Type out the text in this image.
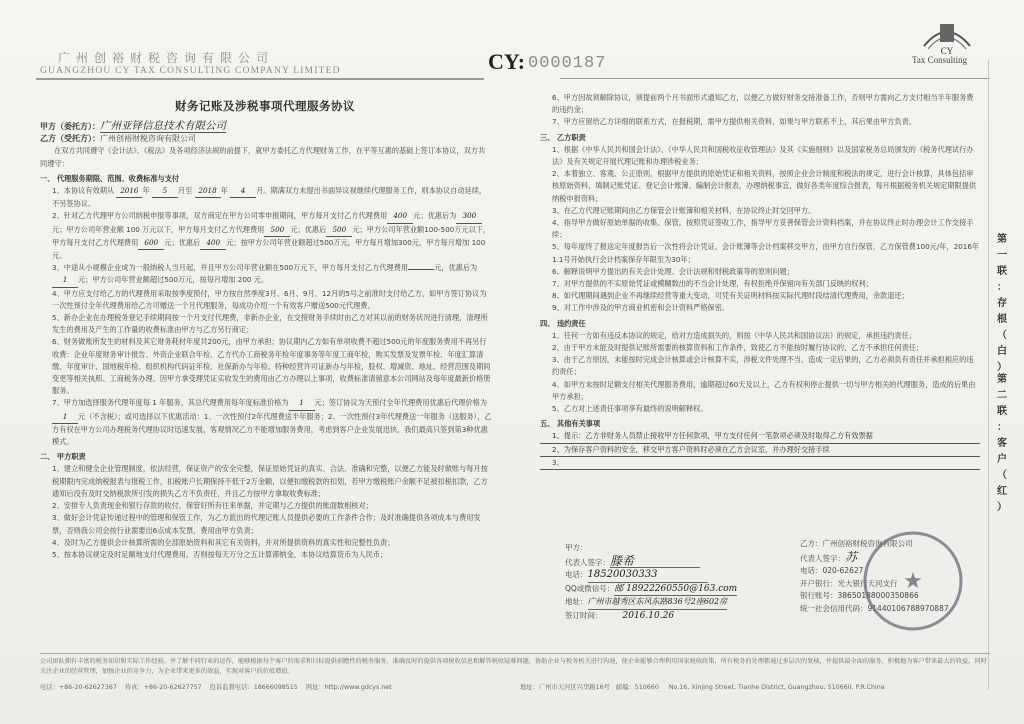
广州创裕财税咨询有限公司
GUANGZHOU CY TAX CONSULTING COMPANY LIMITED	CY: 0000187
CY
Tax Consulting
财务记账及涉税事项代理服务协议

甲方（委托方）：广州亚铎信息技术有限公司

乙方（受托方）：广州创裕财税咨询有限公司

在双方共同遵守《会计法》、《税法》及各项经济法规的前提下，就甲方委托乙方代理财务工作，在平等互惠的基础上签订本协议，双方共同遵守：

一、 代理服务期限、范围、收费标准与支付

1、本协议有效期从 2016 年 5 月至 2018 年 4 月。期满双方未提出书面异议视继续代理服务工作，则本协议自动延续，不另签协议。

2、针对乙方代理甲方公司纳税申报等事项，双方商定在甲方公司零申报期间，甲方每月支付乙方代理费用 400 元；优惠后为 300元；甲方公司年营业额 100 万元以下，甲方每月支付乙方代理费用 500 元；优惠后 500 元；甲方公司年营业额100-500万元以下，甲方每月支付乙方代理费用 600 元；优惠后 400 元；按甲方公司年营业额超过500万元，甲方每月增加300元，甲方每月增加 100 元。

3、中途从小规模企业成为一般纳税人当月起，并且甲方公司年营业额在500万元下，甲方每月支付乙方代理费用	元，优惠后为1 元；甲方公司年营业额超过500万元，按每月增加 200 元。

4、甲方应支付给乙方的代理费用采取按季度预付，甲方按自然季度3月、6月、9月、12月的5号之前准时支付给乙方，如甲方签订协议为一次性预付全年代理费用给乙方可赠送一个月代理服务，每成功介绍一个有效客户赠送500元代理费。

5、新办企业在办理税务登记手续期间按一个月支付代理费，非新办企业，在交接财务手续时由乙方对其以前的财务状况进行清理，清理所发生的费用及产生的工作量的收费标准由甲方与乙方另行商定；

6、财务做账所发生的材料及其它财务耗材年度共200元，由甲方承担；协议期内乙方如有单项收费不超过500元的年度服务费用不再另行收费：企业年度财务审计报告、外资企业联合年检、乙方代办工商税务年检年度事务等年度工商年检，购买发票及发票年检、年度汇算清缴、年度审计、国地税年检、组织机构代码证年检、社保新办与年检、特种经营许可证新办与年检，股权、增减资、地址、经营范围及期间变更等相关执照、工商税务办理、因甲方拿受理凭证实收发生的费用由乙方办理以上事项，收费标准请留意本公司网站及每年度最新价格册服务。

7、甲方加选择服务代理年度每 1 年服务，其总代理费用每年度标准价格为 1 元；签订协议为天预付全年代理费用优惠后代理价格为1 元（不含税）；或可选择以下优惠活动：1、一次性预付2年代理费送半年服务；2、一次性预付3年代理费送一年服务（送服务），乙方有权在甲方公司办理税务代理协议时迅速发展，客观情况乙方不能增加服务费用，考虑到客户企业发展迅快，我们最高只签到第3种优惠模式。

二、 甲方职责

1、建立和健全企业管理制度，依法经营，保证资产的安全完整，保证原始凭证的真实、合法、准确和完整，以便乙方能及时做账与每月按税期限内完成纳税报表与报税工作，扣税账户长期保持不低于2万金额，以便扣缴税款的扣划，若甲方缴税账户余额不足被扣税扣款，乙方通知后没有及时交纳税款所引发的损失乙方不负责任，并且乙方按甲方拿取收费标准；

2、安排专人负责现金和银行存款的收付，保管好所有往来单据，并定期与乙方提供的账面数相核对；

3、做好会计凭证传递过程中的管理和保管工作，为乙方派出的代理记账人员提供必要的工作条件合作；及时准确提供各项成本与费用发票，否则我公司会按行业需要出6点成本发票，费用由甲方负责；

4、及时为乙方提供会计核算所需的全部原始资料和其它有关资料，并对所提供资料的真实性和完整性负责；

5、按本协议规定及时足额地支付代理费用，否则按每天万分之五计算滞纳金，本协议结算货币为人民币；

6、甲方因故须解除协议，须提前两个月书面形式通知乙方，以便乙方做好财务交接准备工作，否则甲方需向乙方支付相当半年服务费的违约金；

7、甲方应留给乙方详细的联系方式，在报税期，需甲方提供相关资料，如果与甲方联系不上，其后果由甲方负责。

三、 乙方职责

1、根据《中华人民共和国会计法》、《中华人民共和国税收征收管理法》及其《实施细则》以及国家税务总局颁发的《税务代理试行办法》及有关规定开展代理记账和办理涉税业务；

2、本着独立、客观、公正原则，根据甲方提供的原始凭证和相关资料，按照企业会计制度和税法的规定，进行会计核算，具体包括审核原始资料、填制记账凭证、登记会计账簿、编制会计报表，办理纳税事宜，做好各类年度综合报表，每月根据税务机关规定期限提供纳税申报资料；

3、在乙方代理记账期间由乙方保管会计账簿和相关材料，在协议终止时交回甲方。

4、指导甲方做好原始单据的收集、保管，按照凭证签收工作，指导甲方妥善保管会计资料档案，并在协议终止时办理会计工作交接手续；

5、每年度终了报送定年度报告后一次性将会计凭证、会计账簿等会计档案移交甲方，由甲方自行保管，乙方保管费100元/年，2016年1.1号开始执行会计档案保存年限至为30年；

6、解释说明甲方提出的有关会计处理、会计法规和财税政策等的原则问题；

7、对甲方提供的不实原始凭证或模糊数出的不当会计处理，有权拒绝并保留向有关部门反映的权利；

8、如代理期间遇到企业不再继续经营等重大变动，可凭有关证明材料按实际代理时段结清代理费用，余款退还；

9、对工作中涉及的甲方商业机密和会计资料严格保密。

四、 违约责任

1、任何一方如有违反本协议的规定，给对方造成损失的，则按《中华人民共和国协议法》的规定，承担违约责任；

2、由于甲方未能及时提供记账所需要的核算资料和工作条件，致使乙方不能按时履行协议的，乙方不承担任何责任；

3、由于乙方原因，未能按时完成会计核算或会计核算不实，涉税文件处理不当，造成一定后果的，乙方必须负有责任并承担相应的违约责任；

4、如甲方未按时足额支付相关代理服务费用，逾期超过60天及以上，乙方有权利停止提供一切与甲方相关的代理服务，造成的后果由甲方承担；

5、乙方对上述责任事项享有最终的说明解释权。

五、 其他有关事项

1、提示：乙方非财务人员禁止接收甲方任何款项，甲方支付任何一笔款项必须及时取得乙方有效票据

2、为保存客户资料的安全，移交甲方客户资料时必须在乙方会议室，并办理好交接手续

3、

甲方：
代表人签字：滕希
电话：18520030333
QQ或微信号：邮 18922260550@163.com
地址：广州市越秀区东风东路836号2座602房
签订时间： 2016.10.26
乙方：广州创裕财税咨询有限公司
代表人签字：苏
电话：020-62627
开户银行：光大银行天河支行
银行账号：38650188000350866
统一社会信用代码：91440106788970887
★
第
一
联
：
存
根
（
白
）
第
二
联
：
客
户
（
红
）
公司团队拥有丰富的税务知识和实际工作经验，并了解不同行业的运作，能够根据每个客户的需求和目标提供前瞻性的税务服务，准确及时的提供各项税收信息和解答税收疑难问题，协助企业与税务机关进行沟通，使企业能够合理利用国家税收政策，所有税务的处理都通过多层次的复核，并提供最全面的服务，积极地为客户带来最大的收益，同时关注企业的经营管理，加强企业的竞争力，为企业带来更多的效益，实现对客户的价值增值。
电话：+86-20-62627367 传真：+86-20-62627757 投诉监督电话：18666098515 网址：http://www.gdcys.net	地址：广州市天河区兴华路16号 邮编：510660 No.16, Xinjing Street, Tianhe District, Guangzhou, 510660, P.R.China
